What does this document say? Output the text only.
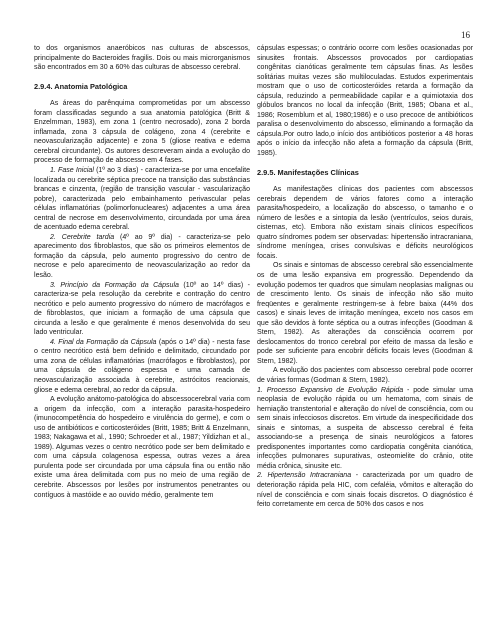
16

to dos organismos anaeróbicos nas culturas de abscessos, principalmente do Bacteroides fragilis. Dois ou mais microrganismos são encontrados em 30 a 60% das culturas de abscesso cerebral.

2.9.4. Anatomia Patológica

As áreas do parênquima comprometidas por um abscesso foram classificadas segundo a sua anatomia patológica (Britt & Enzelmman, 1983), em zona 1 (centro necrosado), zona 2 borda inflamada, zona 3 cápsula de colágeno, zona 4 (cerebrite e neovascularização adjacente) e zona 5 (gliose reativa e edema cerebral circundante). Os autores descreveram ainda a evolução do processo de formação de abscesso em 4 fases.

1. Fase Inicial (1º ao 3 dias) - caracteriza-se por uma encefalite localizada ou cerebrite séptica precoce na transição das substâncias brancas e cinzenta, (região de transição vascular - vascularização pobre), caracterizada pelo embainhamento perivascular pelas células inflamatórias (polimorfonucleares) adjacentes a uma área central de necrose em desenvolvimento, circundada por uma área de acentuado edema cerebral.

2. Cerebrite tardia (4º ao 9º dia) - caracteriza-se pelo aparecimento dos fibroblastos, que são os primeiros elementos de formação da cápsula, pelo aumento progressivo do centro de necrose e pelo aparecimento de neovascularização ao redor da lesão.

3. Princípio da Formação da Cápsula (10º ao 14º dias) - caracteriza-se pela resolução da cerebrite e contração do centro necrótico e pelo aumento progressivo do número de macrófagos e de fibroblastos, que iniciam a formação de uma cápsula que circunda a lesão e que geralmente é menos desenvolvida do seu lado ventricular.

4. Final da Formação da Cápsula (após o 14º dia) - nesta fase o centro necrótico está bem definido e delimitado, circundado por uma zona de células inflamatórias (macrófagos e fibroblastos), por uma cápsula de colágeno espessa e uma camada de neovascularização associada à cerebrite, astrócitos reacionais, gliose e edema cerebral, ao redor da cápsula.

A evolução anátomo-patológica do abscessocerebral varia com a origem da infecção, com a interação parasita-hospedeiro (imunocompetência do hospedeiro e virulência do germe), e com o uso de antibióticos e corticosteróides (Britt, 1985; Britt & Enzelmann, 1983; Nakagawa et al., 1990; Schroeder et al., 1987; Yildizhan et al., 1989). Algumas vezes o centro necrótico pode ser bem delimitado e com uma cápsula colagenosa espessa, outras vezes a área purulenta pode ser circundada por uma cápsula fina ou então não existe uma área delimitada com pus no meio de uma região de cerebrite. Abscessos por lesões por instrumentos penetrantes ou contíguos à mastóide e ao ouvido médio, geralmente tem

cápsulas espessas; o contrário ocorre com lesões ocasionadas por sinusites frontais. Abscessos provocados por cardiopatias congênitas cianóticas geralmente tem cápsulas finas. As lesões solitárias muitas vezes são multiloculadas. Estudos experimentais mostram que o uso de corticosteróides retarda a formação da cápsula, reduzindo a permeabilidade capilar e a quimiotaxia dos glóbulos brancos no local da infecção (Britt, 1985; Obana et al., 1986; Rosemblum et al, 1980;1986) e o uso precoce de antibióticos paralisa o desenvolvimento do abscesso, eliminando a formação da cápsula.Por outro lado,o início dos antibióticos posterior a 48 horas após o início da infecção não afeta a formação da cápsula (Britt, 1985).

2.9.5. Manifestações Clínicas

As manifestações clínicas dos pacientes com abscessos cerebrais dependem de vários fatores como a interação parasita/hospedeiro, a localização do abscesso, o tamanho e o número de lesões e a sintopia da lesão (ventrículos, seios durais, cisternas, etc). Embora não existam sinais clínicos específicos quatro síndromes podem ser observadas: hipertensão intracraniana, síndrome meníngea, crises convulsivas e déficits neurológicos focais.

Os sinais e sintomas de abscesso cerebral são essencialmente os de uma lesão expansiva em progressão. Dependendo da evolução podemos ter quadros que simulam neoplasias malignas ou de crescimento lento. Os sinais de infecção não são muito freqüentes e geralmente restringem-se à febre baixa (44% dos casos) e sinais leves de irritação meníngea, exceto nos casos em que são devidos à fonte séptica ou a outras infecções (Goodman & Stern, 1982). As alterações da consciência ocorrem por deslocamentos do tronco cerebral por efeito de massa da lesão e pode ser suficiente para encobrir déficits focais leves (Goodman & Stern, 1982).

A evolução dos pacientes com abscesso cerebral pode ocorrer de várias formas (Godman & Stern, 1982).

1. Processo Expansivo de Evolução Rápida - pode simular uma neoplasia de evolução rápida ou um hematoma, com sinais de herniação transtentorial e alteração do nível de consciência, com ou sem sinais infecciosos discretos. Em virtude da inespecificidade dos sinais e sintomas, a suspeita de abscesso cerebral é feita associando-se a presença de sinais neurológicos a fatores predisponentes importantes como cardiopatia congênita cianótica, infecções pulmonares supurativas, osteomielite do crânio, otite média crônica, sinusite etc.

2. Hipertensão Intracraniana - caracterizada por um quadro de deterioração rápida pela HIC, com cefaléia, vômitos e alteração do nível de consciência e com sinais focais discretos. O diagnóstico é feito corretamente em cerca de 50% dos casos e nos
